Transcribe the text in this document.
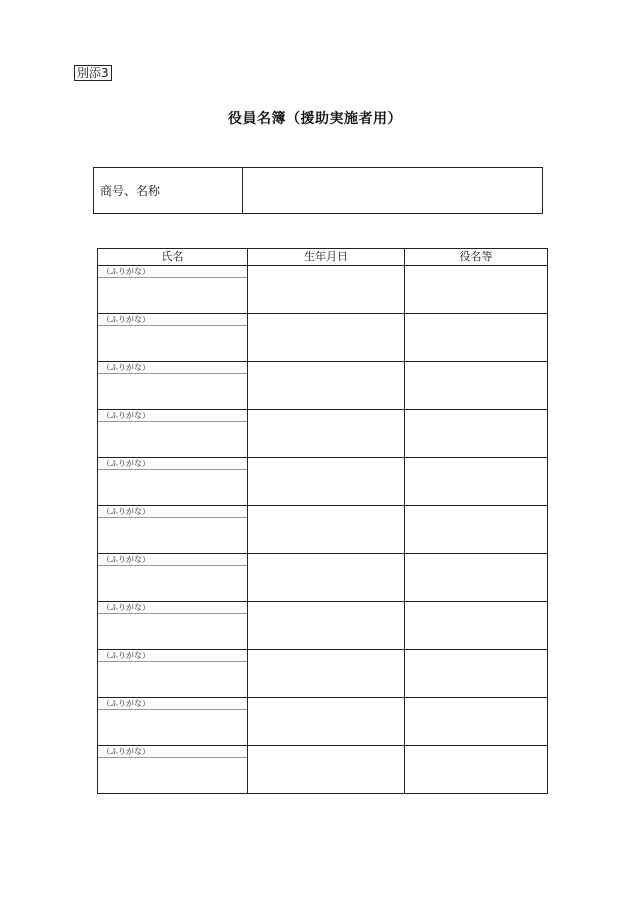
別添3
役員名簿（援助実施者用）
商号、名称
氏名	生年月日	役名等

（ふりがな）		

（ふりがな）		

（ふりがな）		

（ふりがな）		

（ふりがな）		

（ふりがな）		

（ふりがな）		

（ふりがな）		

（ふりがな）		

（ふりがな）		

（ふりがな）		
